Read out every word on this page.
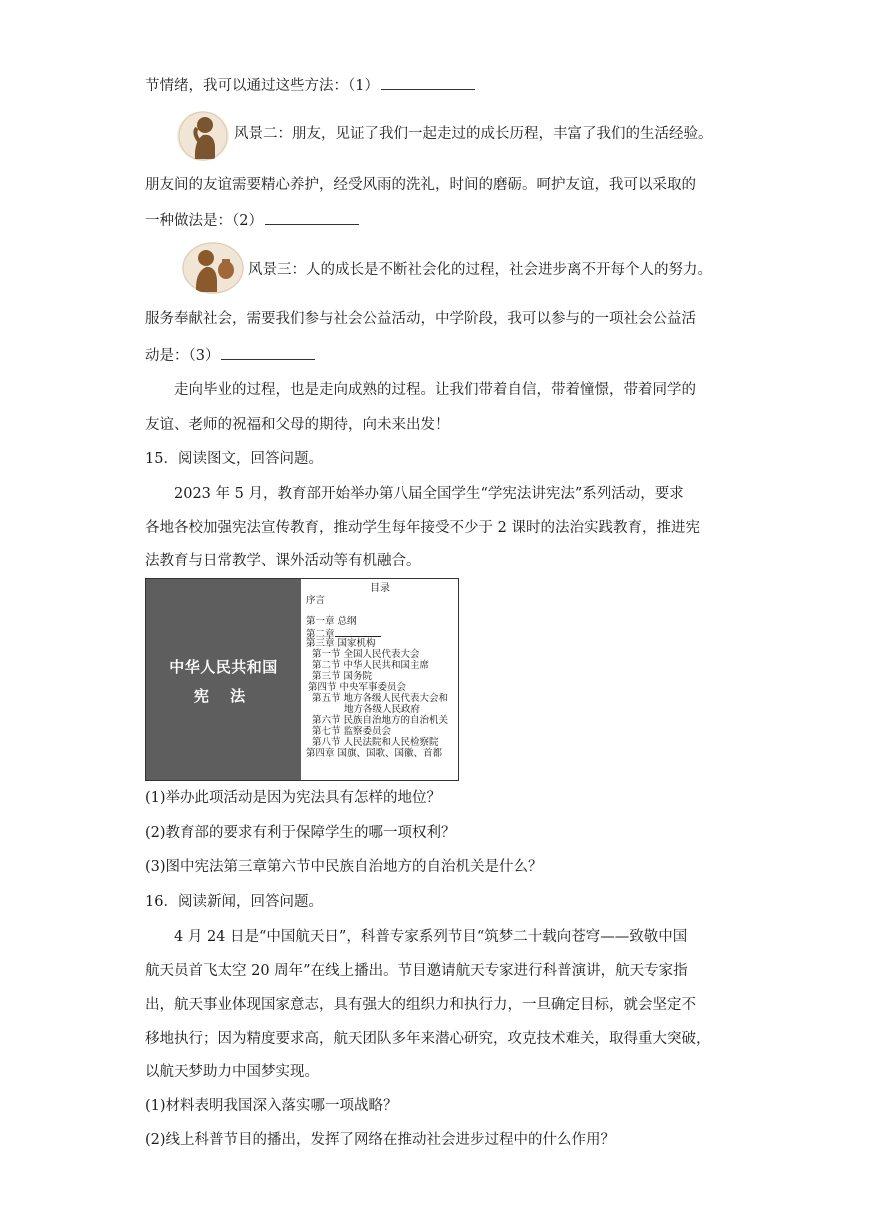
节情绪，我可以通过这些方法：（1）
风景二：朋友，见证了我们一起走过的成长历程，丰富了我们的生活经验。
朋友间的友谊需要精心养护，经受风雨的洗礼，时间的磨砺。呵护友谊，我可以采取的
一种做法是：（2）
风景三：人的成长是不断社会化的过程，社会进步离不开每个人的努力。
服务奉献社会，需要我们参与社会公益活动，中学阶段，我可以参与的一项社会公益活
动是：（3）
走向毕业的过程，也是走向成熟的过程。让我们带着自信，带着憧憬，带着同学的
友谊、老师的祝福和父母的期待，向未来出发！
15．阅读图文，回答问题。
2023 年 5 月，教育部开始举办第八届全国学生“学宪法讲宪法”系列活动，要求
各地各校加强宪法宣传教育，推动学生每年接受不少于 2 课时的法治实践教育，推进宪
法教育与日常教学、课外活动等有机融合。
中华人民共和国
宪 法
目录
序言
第一章 总纲
第二章
第三章 国家机构
第一节 全国人民代表大会
第二节 中华人民共和国主席
第三节 国务院
第四节 中央军事委员会
第五节 地方各级人民代表大会和
地方各级人民政府
第六节 民族自治地方的自治机关
第七节 监察委员会
第八节 人民法院和人民检察院
第四章 国旗、国歌、国徽、首都
(1)举办此项活动是因为宪法具有怎样的地位？
(2)教育部的要求有利于保障学生的哪一项权利？
(3)图中宪法第三章第六节中民族自治地方的自治机关是什么？
16．阅读新闻，回答问题。
4 月 24 日是“中国航天日”，科普专家系列节目“筑梦二十载向苍穹——致敬中国
航天员首飞太空 20 周年”在线上播出。节目邀请航天专家进行科普演讲，航天专家指
出，航天事业体现国家意志，具有强大的组织力和执行力，一旦确定目标，就会坚定不
移地执行；因为精度要求高，航天团队多年来潜心研究，攻克技术难关，取得重大突破，
以航天梦助力中国梦实现。
(1)材料表明我国深入落实哪一项战略？
(2)线上科普节目的播出，发挥了网络在推动社会进步过程中的什么作用？
